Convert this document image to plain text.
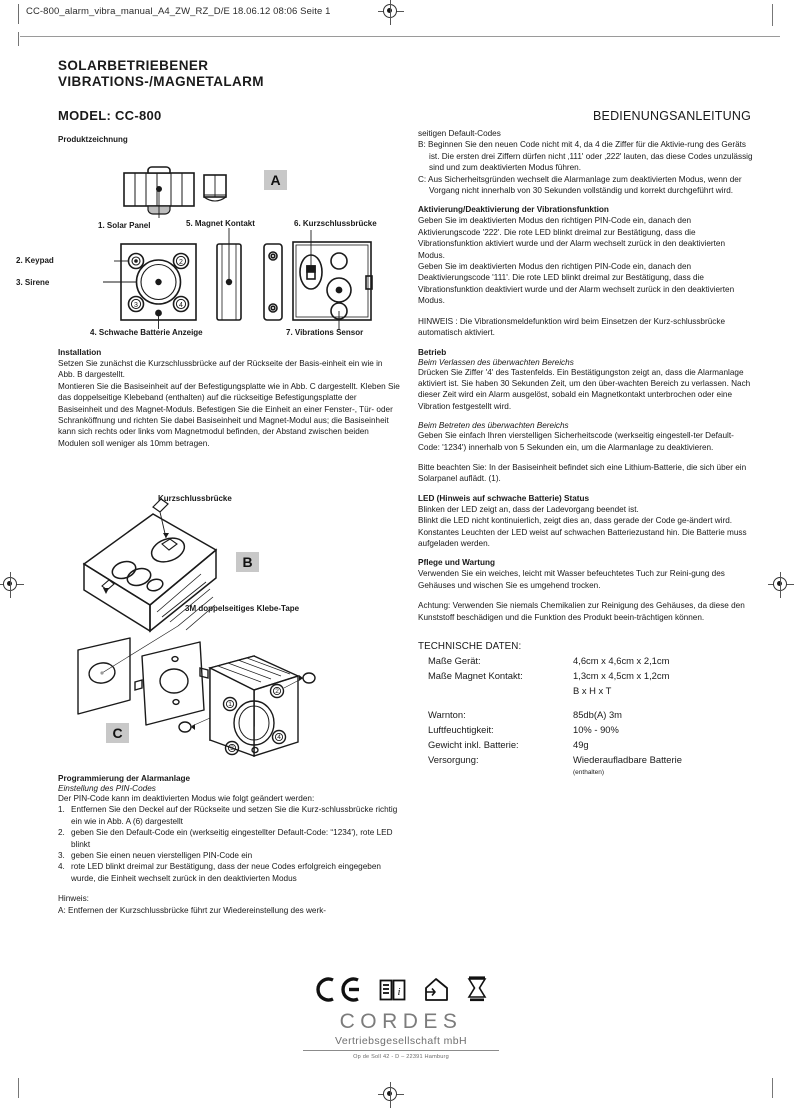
CC-800_alarm_vibra_manual_A4_ZW_RZ_D/E 18.06.12 08:06 Seite 1
SOLARBETRIEBENER
VIBRATIONS-/MAGNETALARM
MODEL: CC-800	BEDIENUNGSANLEITUNG
Produktzeichnung
A
2
3	4
1. Solar Panel
2. Keypad
3. Sirene
4. Schwache Batterie Anzeige
5. Magnet Kontakt	6. Kurzschlussbrücke
7. Vibrations Sensor

Installation

Setzen Sie zunächst die Kurzschlussbrücke auf der Rückseite der Basis-einheit ein wie in Abb. B dargestellt.

Montieren Sie die Basiseinheit auf der Befestigungsplatte wie in Abb. C dargestellt. Kleben Sie das doppelseitige Klebeband (enthalten) auf die rückseitige Befestigungsplatte der Basiseinheit und des Magnet-Moduls. Befestigen Sie die Einheit an einer Fenster-, Tür- oder Schranköffnung und richten Sie dabei Basiseinheit und Magnet-Modul aus; die Basiseinheit kann sich rechts oder links vom Magnetmodul befinden, der Abstand zwischen beiden Modulen soll weniger als 10mm betragen.

B
Kurzschlussbrücke
C
3M doppelseitiges Klebe-Tape
1
2
3
4

Programmierung der Alarmanlage

Einstellung des PIN-Codes

Der PIN-Code kann im deaktivierten Modus wie folgt geändert werden:

1. Entfernen Sie den Deckel auf der Rückseite und setzen Sie die Kurz-schlussbrücke richtig ein wie in Abb. A (6) dargestellt
2. geben Sie den Default-Code ein (werkseitig eingestellter Default-Code: “1234'), rote LED blinkt
3. geben Sie einen neuen vierstelligen PIN-Code ein
4. rote LED blinkt dreimal zur Bestätigung, dass der neue Codes erfolgreich eingegeben wurde, die Einheit wechselt zurück in den deaktivierten Modus

Hinweis:

A: Entfernen der Kurzschlussbrücke führt zur Wiedereinstellung des werk-

seitigen Default-Codes

B: Beginnen Sie den neuen Code nicht mit 4, da 4 die Ziffer für die Aktivie-rung des Geräts ist. Die ersten drei Ziffern dürfen nicht ‚111' oder ‚222' lauten, das diese Codes unzulässig sind und zum deaktivierten Modus führen.

C: Aus Sicherheitsgründen wechselt die Alarmanlage zum deaktivierten Modus, wenn der Vorgang nicht innerhalb von 30 Sekunden vollständig und korrekt durchgeführt wird.

Aktivierung/Deaktivierung der Vibrationsfunktion

Geben Sie im deaktivierten Modus den richtigen PIN-Code ein, danach den Aktivierungscode '222'. Die rote LED blinkt dreimal zur Bestätigung, dass die Vibrationsfunktion aktiviert wurde und der Alarm wechselt zurück in den deaktivierten Modus.

Geben Sie im deaktivierten Modus den richtigen PIN-Code ein, danach den Deaktivierungscode '111'. Die rote LED blinkt dreimal zur Bestätigung, dass die Vibrationsfunktion deaktiviert wurde und der Alarm wechselt zurück in den deaktivierten Modus.

HINWEIS : Die Vibrationsmeldefunktion wird beim Einsetzen der Kurz-schlussbrücke automatisch aktiviert.

Betrieb

Beim Verlassen des überwachten Bereichs

Drücken Sie Ziffer '4' des Tastenfelds. Ein Bestätigungston zeigt an, dass die Alarmanlage aktiviert ist. Sie haben 30 Sekunden Zeit, um den über-wachten Bereich zu verlassen. Nach dieser Zeit wird ein Alarm ausgelöst, sobald ein Magnetkontakt unterbrochen oder eine Vibration festgestellt wird.

Beim Betreten des überwachten Bereichs

Geben Sie einfach Ihren vierstelligen Sicherheitscode (werkseitig eingestell-ter Default-Code: '1234') innerhalb von 5 Sekunden ein, um die Alarmanlage zu deaktivieren.

Bitte beachten Sie: In der Basiseinheit befindet sich eine Lithium-Batterie, die sich über ein Solarpanel auflädt. (1).

LED (Hinweis auf schwache Batterie) Status

Blinken der LED zeigt an, dass der Ladevorgang beendet ist.

Blinkt die LED nicht kontinuierlich, zeigt dies an, dass gerade der Code ge-ändert wird.

Konstantes Leuchten der LED weist auf schwachen Batteriezustand hin. Die Batterie muss aufgeladen werden.

Pflege und Wartung

Verwenden Sie ein weiches, leicht mit Wasser befeuchtetes Tuch zur Reini-gung des Gehäuses und wischen Sie es umgehend trocken.

Achtung: Verwenden Sie niemals Chemikalien zur Reinigung des Gehäuses, da diese den Kunststoff beschädigen und die Funktion des Produkt beein-trächtigen können.

TECHNISCHE DATEN:

Maße Gerät:	4,6cm x 4,6cm x 2,1cm
Maße Magnet Kontakt:	1,3cm x 4,5cm x 1,2cm
	B x H x T

Warnton:	85db(A) 3m
Luftfeuchtigkeit:	10% - 90%
Gewicht inkl. Batterie:	49g
Versorgung:	Wiederaufladbare Batterie
(enthalten)
i
CORDES
Vertriebsgesellschaft mbH
Op de Soll 42 - D – 22391 Hamburg
